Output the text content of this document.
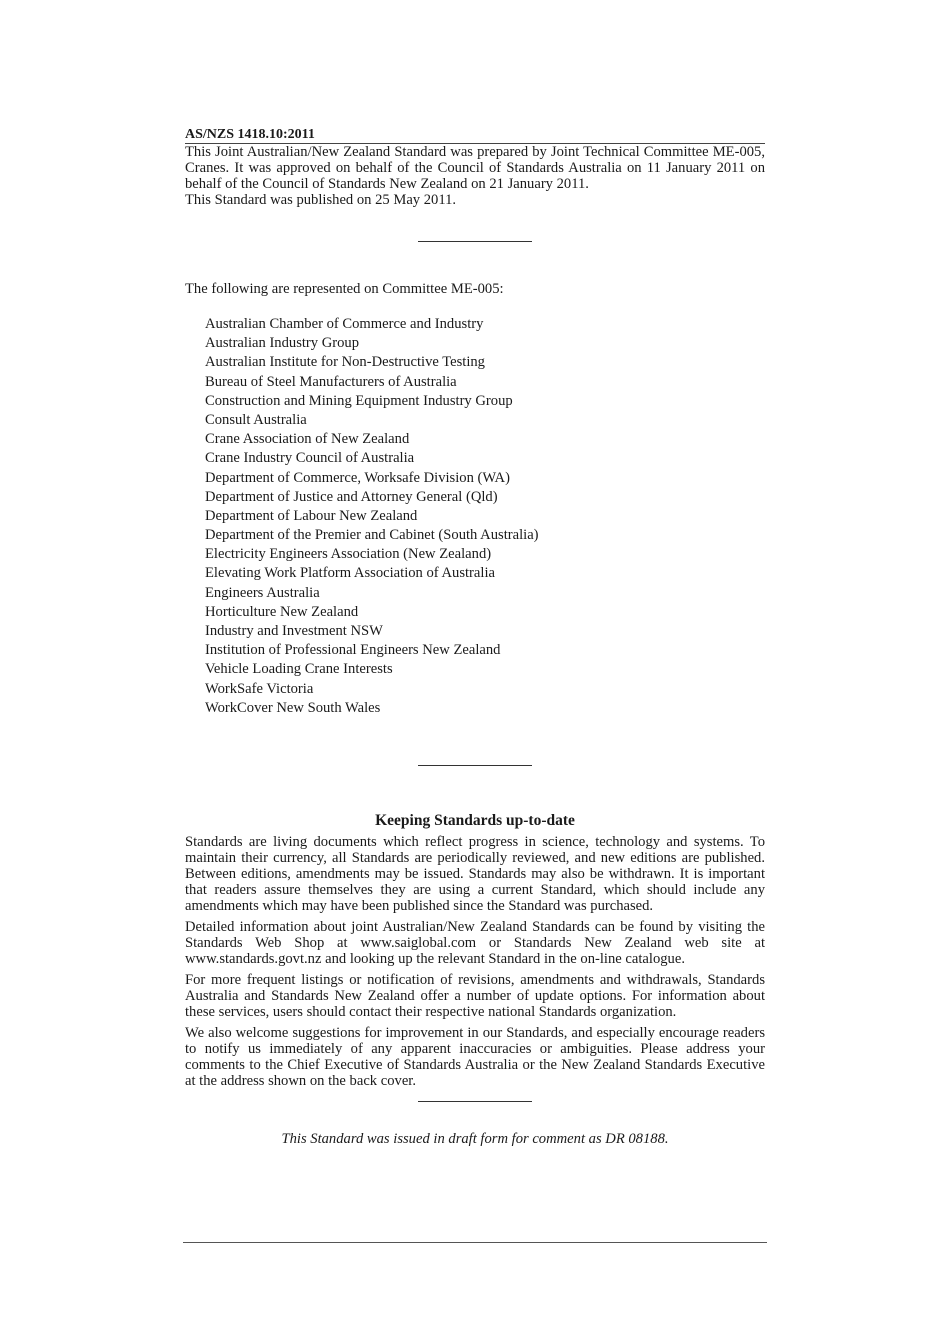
AS/NZS 1418.10:2011

This Joint Australian/New Zealand Standard was prepared by Joint Technical Committee ME-005, Cranes. It was approved on behalf of the Council of Standards Australia on 11 January 2011 on behalf of the Council of Standards New Zealand on 21 January 2011.

This Standard was published on 25 May 2011.

The following are represented on Committee ME-005:

Australian Chamber of Commerce and Industry
Australian Industry Group
Australian Institute for Non-Destructive Testing
Bureau of Steel Manufacturers of Australia
Construction and Mining Equipment Industry Group
Consult Australia
Crane Association of New Zealand
Crane Industry Council of Australia
Department of Commerce, Worksafe Division (WA)
Department of Justice and Attorney General (Qld)
Department of Labour New Zealand
Department of the Premier and Cabinet (South Australia)
Electricity Engineers Association (New Zealand)
Elevating Work Platform Association of Australia
Engineers Australia
Horticulture New Zealand
Industry and Investment NSW
Institution of Professional Engineers New Zealand
Vehicle Loading Crane Interests
WorkSafe Victoria
WorkCover New South Wales
Keeping Standards up-to-date

Standards are living documents which reflect progress in science, technology and systems. To maintain their currency, all Standards are periodically reviewed, and new editions are published. Between editions, amendments may be issued. Standards may also be withdrawn. It is important that readers assure themselves they are using a current Standard, which should include any amendments which may have been published since the Standard was purchased.

Detailed information about joint Australian/New Zealand Standards can be found by visiting the Standards Web Shop at www.saiglobal.com or Standards New Zealand web site at www.standards.govt.nz and looking up the relevant Standard in the on-line catalogue.

For more frequent listings or notification of revisions, amendments and withdrawals, Standards Australia and Standards New Zealand offer a number of update options. For information about these services, users should contact their respective national Standards organization.

We also welcome suggestions for improvement in our Standards, and especially encourage readers to notify us immediately of any apparent inaccuracies or ambiguities. Please address your comments to the Chief Executive of Standards Australia or the New Zealand Standards Executive at the address shown on the back cover.

This Standard was issued in draft form for comment as DR 08188.
